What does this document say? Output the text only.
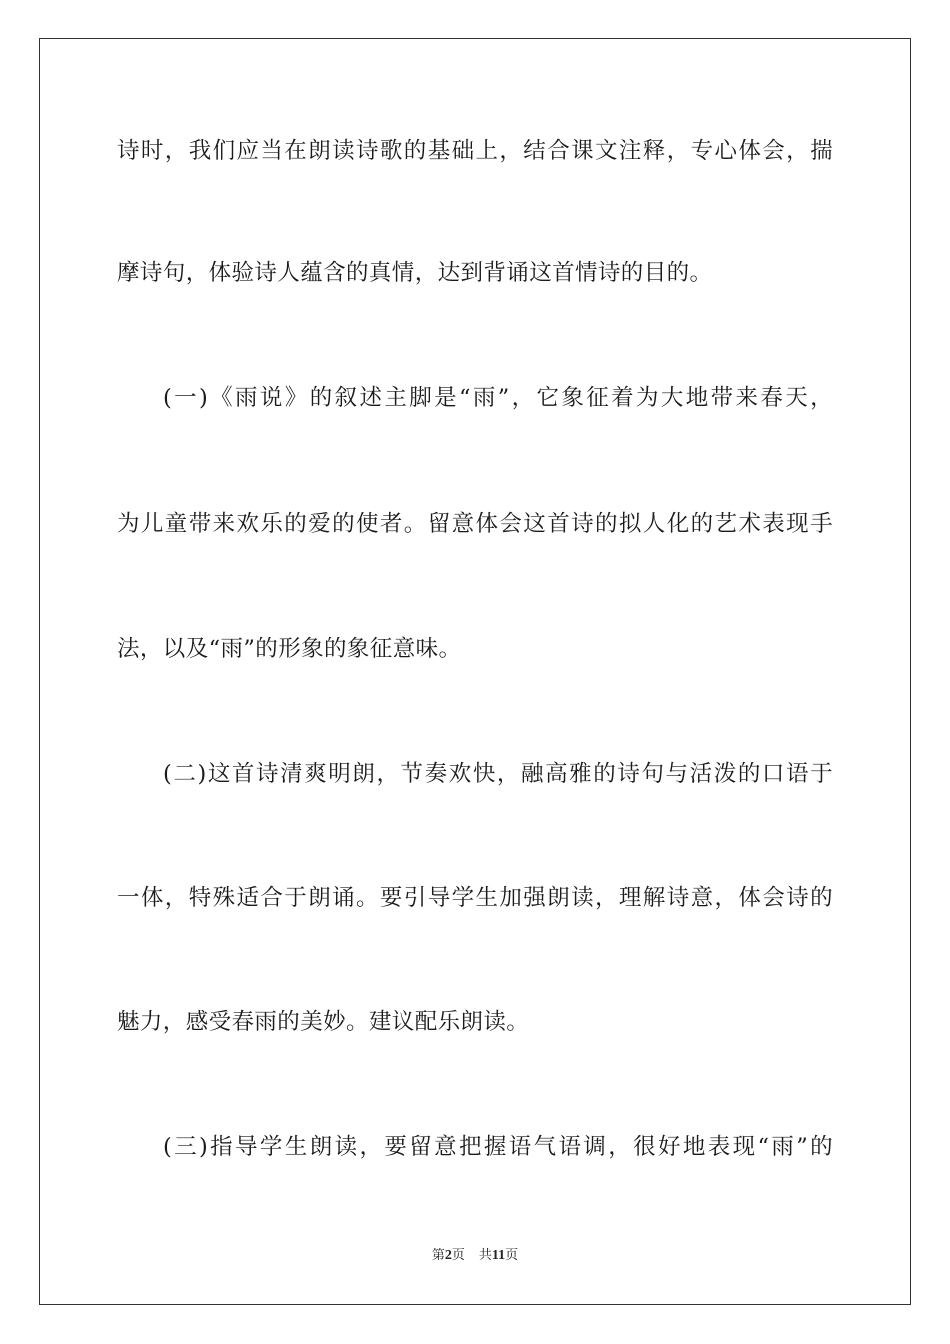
诗时，我们应当在朗读诗歌的基础上，结合课文注释，专心体会，揣
摩诗句，体验诗人蕴含的真情，达到背诵这首情诗的目的。
(一)《雨说》的叙述主脚是“雨”，它象征着为大地带来春天，
为儿童带来欢乐的爱的使者。留意体会这首诗的拟人化的艺术表现手
法，以及“雨”的形象的象征意味。
(二)这首诗清爽明朗，节奏欢快，融高雅的诗句与活泼的口语于
一体，特殊适合于朗诵。要引导学生加强朗读，理解诗意，体会诗的
魅力，感受春雨的美妙。建议配乐朗读。
(三)指导学生朗读，要留意把握语气语调，很好地表现“雨”的
第2页 共11页
